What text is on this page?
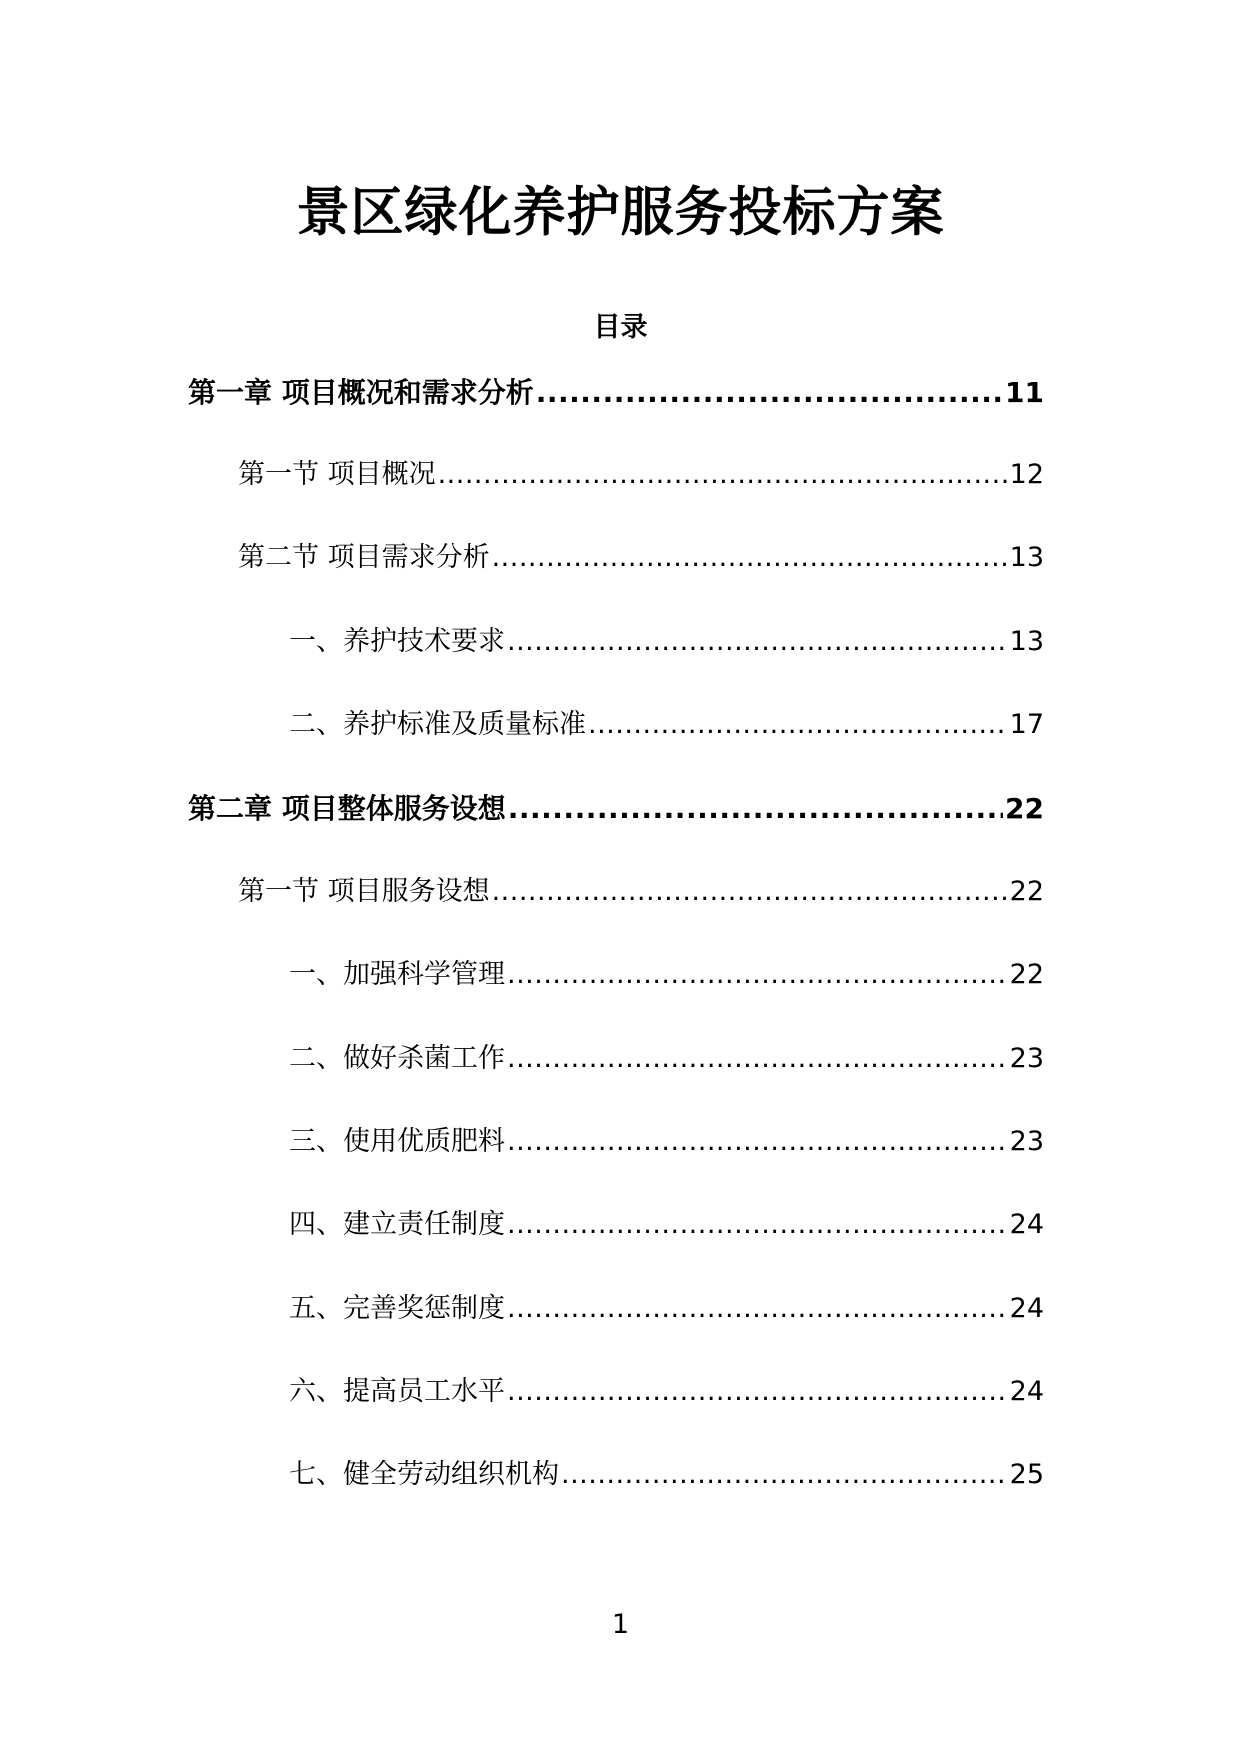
景区绿化养护服务投标方案
目录
第一章 项目概况和需求分析 .....	11
第一节 项目概况 .....	12
第二节 项目需求分析 .....	13
一、养护技术要求 .....	13
二、养护标准及质量标准 .....	17
第二章 项目整体服务设想 .....	22
第一节 项目服务设想 .....	22
一、加强科学管理 .....	22
二、做好杀菌工作 .....	23
三、使用优质肥料 .....	23
四、建立责任制度 .....	24
五、完善奖惩制度 .....	24
六、提高员工水平 .....	24
七、健全劳动组织机构 .....	25
1
